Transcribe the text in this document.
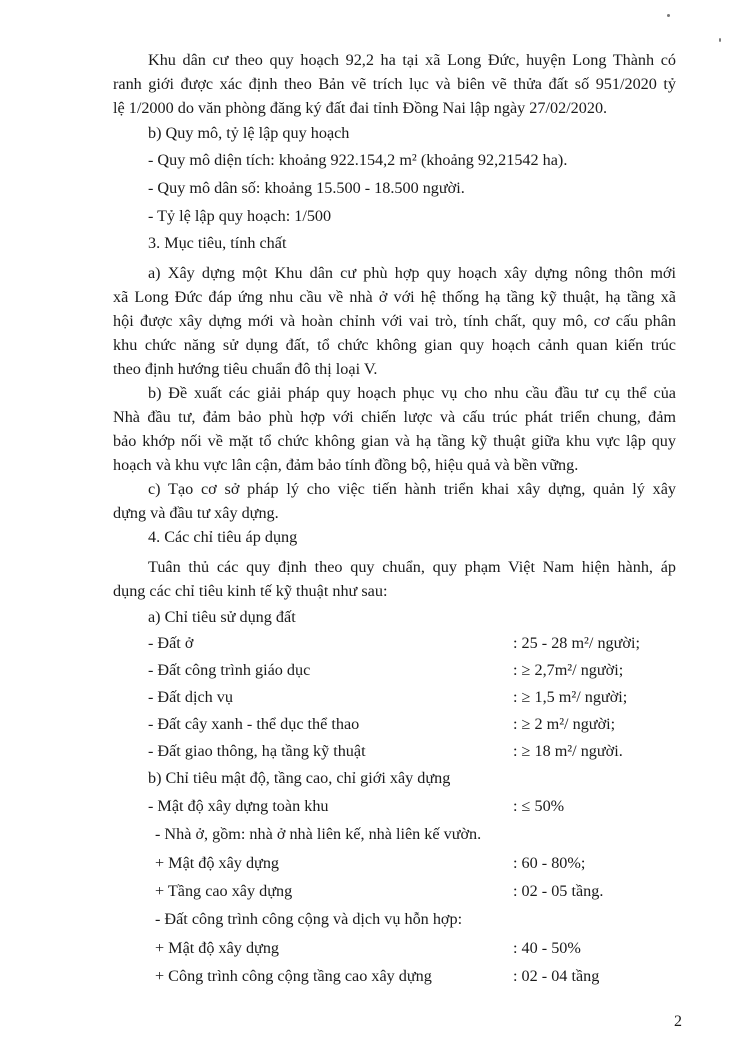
Khu dân cư theo quy hoạch 92,2 ha tại xã Long Đức, huyện Long Thành có
ranh giới được xác định theo Bản vẽ trích lục và biên vẽ thửa đất số 951/2020 tỷ
lệ 1/2000 do văn phòng đăng ký đất đai tỉnh Đồng Nai lập ngày 27/02/2020.
b) Quy mô, tỷ lệ lập quy hoạch
- Quy mô diện tích: khoảng 922.154,2 m² (khoảng 92,21542 ha).
- Quy mô dân số: khoảng 15.500 - 18.500 người.
- Tỷ lệ lập quy hoạch: 1/500
3. Mục tiêu, tính chất
a) Xây dựng một Khu dân cư phù hợp quy hoạch xây dựng nông thôn mới
xã Long Đức đáp ứng nhu cầu về nhà ở với hệ thống hạ tầng kỹ thuật, hạ tầng xã
hội được xây dựng mới và hoàn chỉnh với vai trò, tính chất, quy mô, cơ cấu phân
khu chức năng sử dụng đất, tổ chức không gian quy hoạch cảnh quan kiến trúc
theo định hướng tiêu chuẩn đô thị loại V.
b) Đề xuất các giải pháp quy hoạch phục vụ cho nhu cầu đầu tư cụ thể của
Nhà đầu tư, đảm bảo phù hợp với chiến lược và cấu trúc phát triển chung, đảm
bảo khớp nối về mặt tổ chức không gian và hạ tầng kỹ thuật giữa khu vực lập quy
hoạch và khu vực lân cận, đảm bảo tính đồng bộ, hiệu quả và bền vững.
c) Tạo cơ sở pháp lý cho việc tiến hành triển khai xây dựng, quản lý xây
dựng và đầu tư xây dựng.
4. Các chỉ tiêu áp dụng
Tuân thủ các quy định theo quy chuẩn, quy phạm Việt Nam hiện hành, áp
dụng các chỉ tiêu kinh tế kỹ thuật như sau:
a) Chỉ tiêu sử dụng đất
- Đất ở	: 25 - 28 m²/ người;
- Đất công trình giáo dục	: ≥ 2,7m²/ người;
- Đất dịch vụ	: ≥ 1,5 m²/ người;
- Đất cây xanh - thể dục thể thao	: ≥ 2 m²/ người;
- Đất giao thông, hạ tầng kỹ thuật	: ≥ 18 m²/ người.
b) Chỉ tiêu mật độ, tầng cao, chỉ giới xây dựng
- Mật độ xây dựng toàn khu	: ≤ 50%
- Nhà ở, gồm: nhà ở nhà liên kế, nhà liên kế vườn.
+ Mật độ xây dựng	: 60 - 80%;
+ Tầng cao xây dựng	: 02 - 05 tầng.
- Đất công trình công cộng và dịch vụ hỗn hợp:
+ Mật độ xây dựng	: 40 - 50%
+ Công trình công cộng tầng cao xây dựng	: 02 - 04 tầng
2
